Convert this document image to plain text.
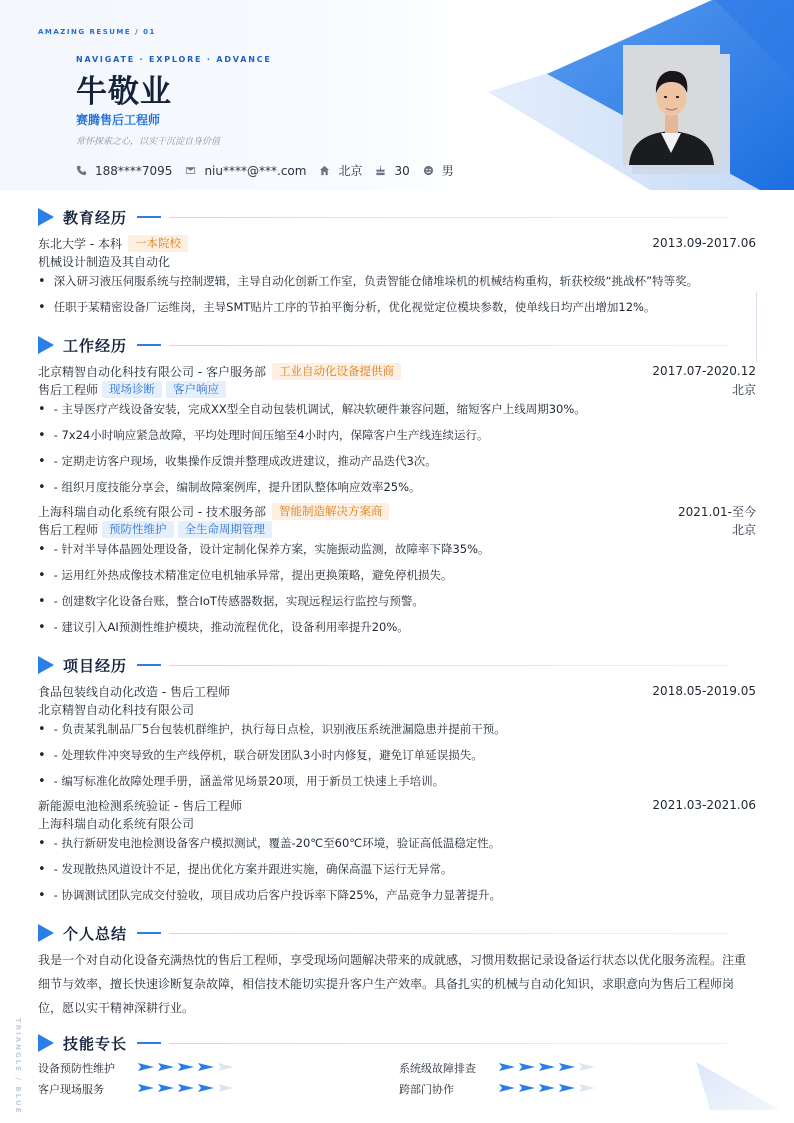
AMAZING RESUME / 01
NAVIGATE · EXPLORE · ADVANCE
牛敬业
赛腾售后工程师
常怀探索之心，以实干沉淀自身价值
188****7095	niu****@***.com	北京	30	男
教育经历
东北大学 - 本科	一本院校	2013.09-2017.06
机械设计制造及其自动化
• 深入研习液压伺服系统与控制逻辑，主导自动化创新工作室，负责智能仓储堆垛机的机械结构重构，斩获校级“挑战杯”特等奖。
• 任职于某精密设备厂运维岗，主导SMT贴片工序的节拍平衡分析，优化视觉定位模块参数，使单线日均产出增加12%。
工作经历
北京精智自动化科技有限公司 - 客户服务部	工业自动化设备提供商	2017.07-2020.12
售后工程师 现场诊断	客户响应	北京
• - 主导医疗产线设备安装，完成XX型全自动包装机调试，解决软硬件兼容问题，缩短客户上线周期30%。
• - 7x24小时响应紧急故障，平均处理时间压缩至4小时内，保障客户生产线连续运行。
• - 定期走访客户现场，收集操作反馈并整理成改进建议，推动产品迭代3次。
• - 组织月度技能分享会，编制故障案例库，提升团队整体响应效率25%。
上海科瑞自动化系统有限公司 - 技术服务部	智能制造解决方案商	2021.01-至今
售后工程师 预防性维护	全生命周期管理	北京
• - 针对半导体晶圆处理设备，设计定制化保养方案，实施振动监测，故障率下降35%。
• - 运用红外热成像技术精准定位电机轴承异常，提出更换策略，避免停机损失。
• - 创建数字化设备台账，整合IoT传感器数据，实现远程运行监控与预警。
• - 建议引入AI预测性维护模块，推动流程优化，设备利用率提升20%。
项目经历
食品包装线自动化改造 - 售后工程师	2018.05-2019.05
北京精智自动化科技有限公司
• - 负责某乳制品厂5台包装机群维护，执行每日点检，识别液压系统泄漏隐患并提前干预。
• - 处理软件冲突导致的生产线停机，联合研发团队3小时内修复，避免订单延误损失。
• - 编写标准化故障处理手册，涵盖常见场景20项，用于新员工快速上手培训。
新能源电池检测系统验证 - 售后工程师	2021.03-2021.06
上海科瑞自动化系统有限公司
• - 执行新研发电池检测设备客户模拟测试，覆盖-20℃至60℃环境，验证高低温稳定性。
• - 发现散热风道设计不足，提出优化方案并跟进实施，确保高温下运行无异常。
• - 协调测试团队完成交付验收，项目成功后客户投诉率下降25%，产品竞争力显著提升。
个人总结
我是一个对自动化设备充满热忱的售后工程师，享受现场问题解决带来的成就感，习惯用数据记录设备运行状态以优化服务流程。注重细节与效率，擅长快速诊断复杂故障，相信技术能切实提升客户生产效率。具备扎实的机械与自动化知识，求职意向为售后工程师岗位，愿以实干精神深耕行业。
技能专长
设备预防性维护	系统级故障排查
客户现场服务	跨部门协作
TRIANGLE / BLUE
